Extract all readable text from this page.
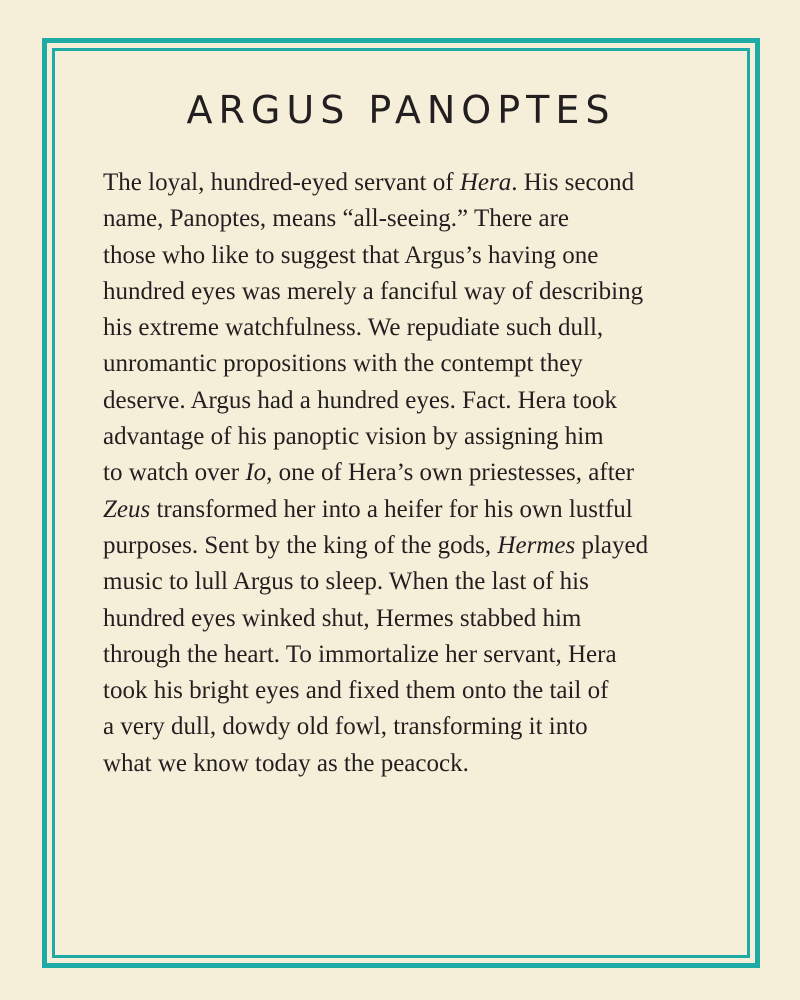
ARGUS PANOPTES

The loyal, hundred-eyed servant of Hera. His second
name, Panoptes, means “all-seeing.” There are
those who like to suggest that Argus’s having one
hundred eyes was merely a fanciful way of describing
his extreme watchfulness. We repudiate such dull,
unromantic propositions with the contempt they
deserve. Argus had a hundred eyes. Fact. Hera took
advantage of his panoptic vision by assigning him
to watch over Io, one of Hera’s own priestesses, after
Zeus transformed her into a heifer for his own lustful
purposes. Sent by the king of the gods, Hermes played
music to lull Argus to sleep. When the last of his
hundred eyes winked shut, Hermes stabbed him
through the heart. To immortalize her servant, Hera
took his bright eyes and fixed them onto the tail of
a very dull, dowdy old fowl, transforming it into
what we know today as the peacock.
